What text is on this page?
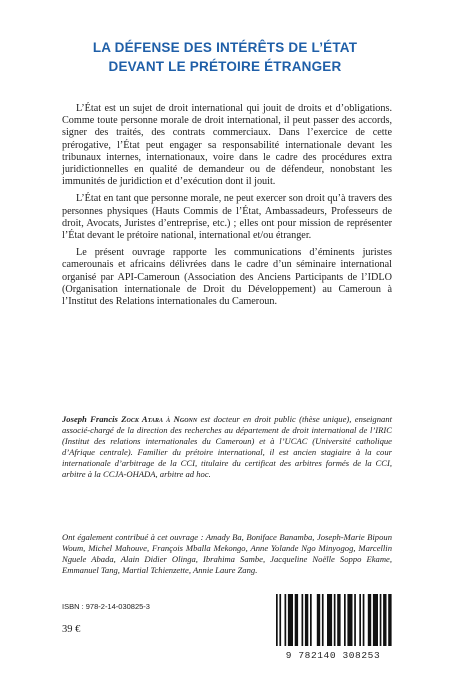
LA DÉFENSE DES INTÉRÊTS DE L’ÉTAT
DEVANT LE PRÉTOIRE ÉTRANGER

L’État est un sujet de droit international qui jouit de droits et d’obligations. Comme toute personne morale de droit international, il peut passer des accords, signer des traités, des contrats commerciaux. Dans l’exercice de cette prérogative, l’État peut engager sa responsabilité internationale devant les tribunaux internes, internationaux, voire dans le cadre des procédures extra juridictionnelles en qualité de demandeur ou de défendeur, nonobstant les immunités de juridiction et d’exécution dont il jouit.

L’État en tant que personne morale, ne peut exercer son droit qu’à travers des personnes physiques (Hauts Commis de l’État, Ambassadeurs, Professeurs de droit, Avocats, Juristes d’entreprise, etc.) ; elles ont pour mission de représenter l’État devant le prétoire national, international et/ou étranger.

Le présent ouvrage rapporte les communications d’éminents juristes camerounais et africains délivrées dans le cadre d’un séminaire international organisé par API-Cameroun (Association des Anciens Participants de l’IDLO (Organisation internationale de Droit du Développement) au Cameroun à l’Institut des Relations internationales du Cameroun.

Joseph Francis Zock Atara à Ngonn est docteur en droit public (thèse unique), enseignant associé-chargé de la direction des recherches au département de droit international de l’IRIC (Institut des relations internationales du Cameroun) et à l’UCAC (Université catholique d’Afrique centrale). Familier du prétoire international, il est ancien stagiaire à la cour internationale d’arbitrage de la CCI, titulaire du certificat des arbitres formés de la CCI, arbitre à la CCJA-OHADA, arbitre ad hoc.
Ont également contribué à cet ouvrage : Amady Ba, Boniface Banamba, Joseph-Marie Bipoun Woum, Michel Mahouve, François Mballa Mekongo, Anne Yolande Ngo Minyogog, Marcellin Nguele Abada, Alain Didier Olinga, Ibrahima Sambe, Jacqueline Noëlle Soppo Ekame, Emmanuel Tang, Martial Tchienzette, Annie Laure Zang.
ISBN : 978-2-14-030825-3
39 €
9 782140 308253
